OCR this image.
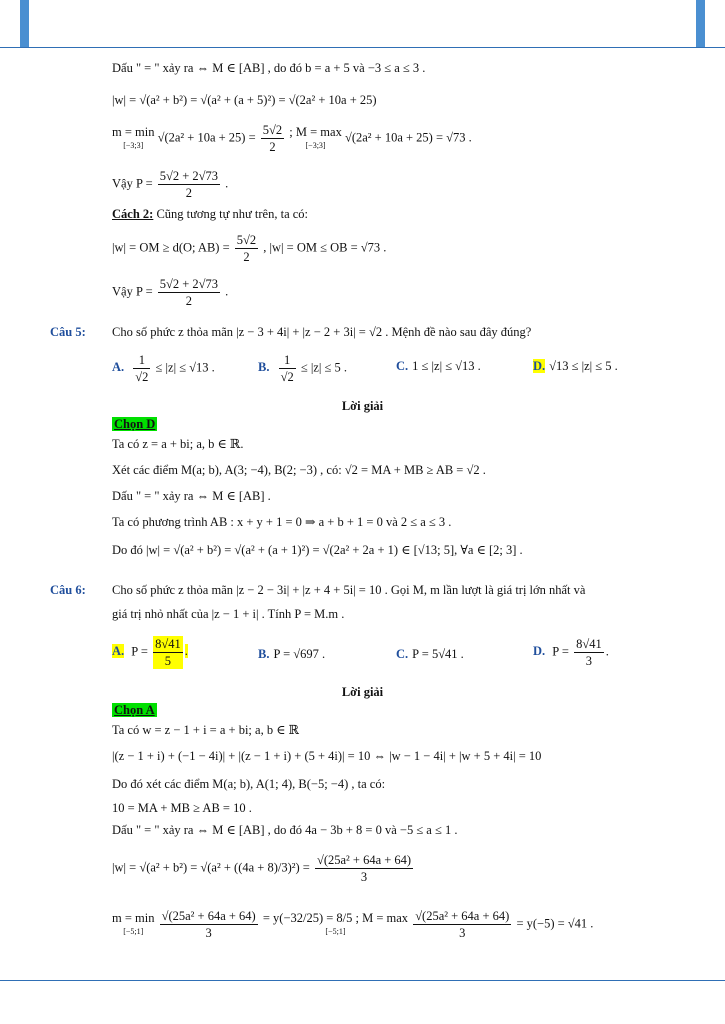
Dấu " = " xảy ra ⇔ M ∈ [AB] , do đó b = a + 5 và −3 ≤ a ≤ 3 .
|w| = √(a² + b²) = √(a² + (a + 5)²) = √(2a² + 10a + 25)
m = min
[−3;3]
$√(2a^2 + 10a + 25) = \frac{5√2}{2}$
; M = max
[−3;3]
√(2a² + 10a + 25) = √73 .
Vậy $P = \frac{5√2 + 2√73}{2}$ .
Cách 2: Cũng tương tự như trên, ta có:
|w| = OM ≥ d(O; $AB) = \frac{5√2}{2}$ , |w| = OM ≤ OB = √73 .
Vậy $P = \frac{5√2 + 2√73}{2}$ .
Câu 5: Cho số phức z thỏa mãn |z − 3 + 4i| + |z − 2 + 3i| = √2 . Mệnh đề nào sau đây đúng?
A. $\frac{1}{√2} \le |z| \le √13$ .	B. $\frac{1}{√2} \le |z| \le 5$ .	C. 1 ≤ |z| ≤ √13 .	D. √13 ≤ |z| ≤ 5 .
Lời giải
Chọn D
Ta có z = a + bi; a, b ∈ ℝ.
Xét các điểm M(a; b), A(3; −4), B(2; −3) , có: √2 = MA + MB ≥ AB = √2 .
Dấu " = " xảy ra ⇔ M ∈ [AB] .
Ta có phương trình AB : x + y + 1 = 0 ⇒ a + b + 1 = 0 và 2 ≤ a ≤ 3 .
Do đó |w| = √(a² + b²) = √(a² + (a + 1)²) = √(2a² + 2a + 1) ∈ [√13; 5], ∀a ∈ [2; 3] .
Câu 6: Cho số phức z thỏa mãn |z − 2 − 3i| + |z + 4 + 5i| = 10 . Gọi M, m lần lượt là giá trị lớn nhất và
giá trị nhỏ nhất của |z − 1 + i| . Tính P = M.m .
A. $P = \frac{8√41}{5}$ .	B. P = √697 .	C. P = 5√41 .	D. $P = \frac{8√41}{3}$ .
Lời giải
Chọn A
Ta có w = z − 1 + i = a + bi; a, b ∈ ℝ
|(z − 1 + i) + (−1 − 4i)| + |(z − 1 + i) + (5 + 4i)| = 10 ⇔ |w − 1 − 4i| + |w + 5 + 4i| = 10
Do đó xét các điểm M(a; b), A(1; 4), B(−5; −4) , ta có:
10 = MA + MB ≥ AB = 10 .
Dấu " = " xảy ra ⇔ M ∈ [AB] , do đó 4a − 3b + 8 = 0 và −5 ≤ a ≤ 1 .
$|w| = √(a^2 + b^2) = √(a^2 + ((4a + 8)/3)^2) = \frac{\text{√(25a² + 64a + 64)}}{3}$
m = min
[−5;1]
	$\frac{\text{√(25a² + 64a + 64)}}{3}$
= y(−32/25) = 8/5 ; M = max
[−5;1]
	$\frac{\text{√(25a² + 64a + 64)}}{3} = y(-5) = √41$ .
